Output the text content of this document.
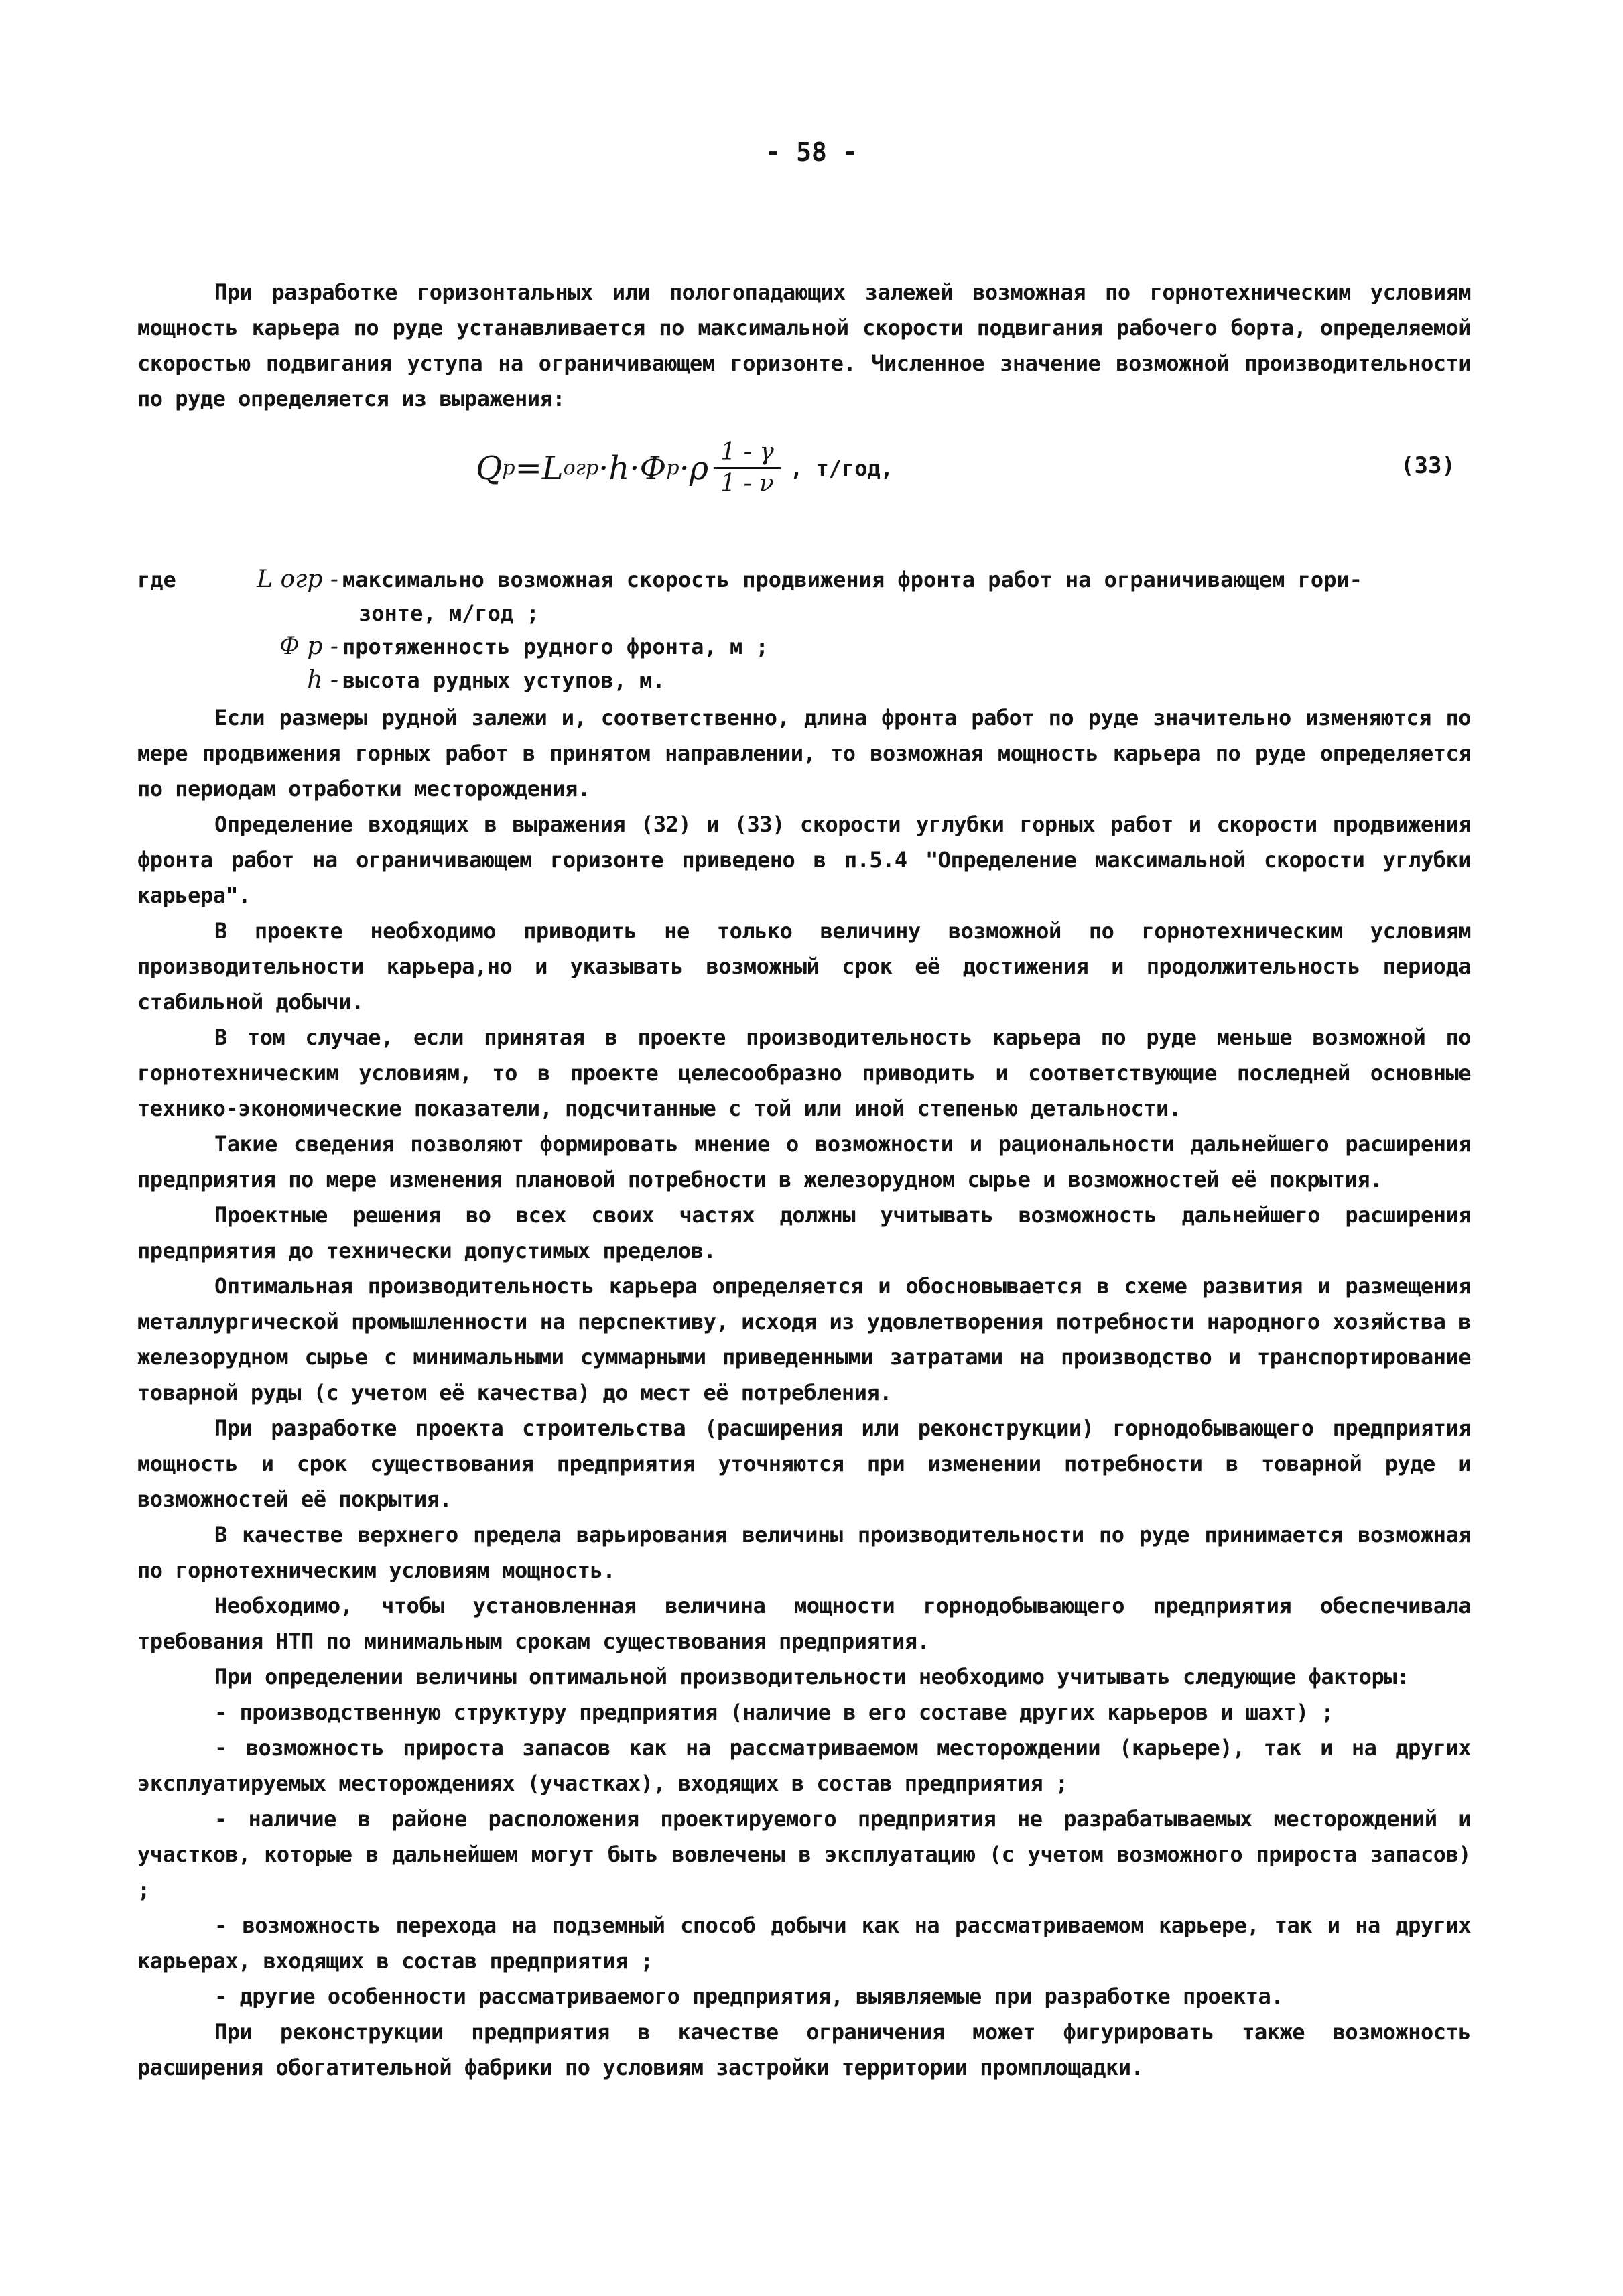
- 58 -

При разработке горизонтальных или пологопадающих залежей возможная по горнотехническим условиям мощность карьера по руде устанавливается по максимальной скорости подвигания рабочего борта, определяемой скоростью подвигания уступа на ограничивающем горизонте. Численное значение возможной производительности по руде определяется из выражения:

Q p =L огр ·h·Ф $р \cdot\rho \frac{1 - \gamma}{1 - \nu}$ , т/год,	(33)
где	L огр - максимально возможная скорость продвижения фронта работ на ограничивающем гори-
зонте, м/год ;
Ф р - протяженность рудного фронта, м ;
h - высота рудных уступов, м.

Если размеры рудной залежи и, соответственно, длина фронта работ по руде значительно изменяются по мере продвижения горных работ в принятом направлении, то возможная мощность карьера по руде определяется по периодам отработки месторождения.

Определение входящих в выражения (32) и (33) скорости углубки горных работ и скорости продвижения фронта работ на ограничивающем горизонте приведено в п.5.4 "Определение максимальной скорости углубки карьера".

В проекте необходимо приводить не только величину возможной по горнотехническим условиям производительности карьера,но и указывать возможный срок её достижения и продолжительность периода стабильной добычи.

В том случае, если принятая в проекте производительность карьера по руде меньше возможной по горнотехническим условиям, то в проекте целесообразно приводить и соответствующие последней основные технико-экономические показатели, подсчитанные с той или иной степенью детальности.

Такие сведения позволяют формировать мнение о возможности и рациональности дальнейшего расширения предприятия по мере изменения плановой потребности в железорудном сырье и возможностей её покрытия.

Проектные решения во всех своих частях должны учитывать возможность дальнейшего расширения предприятия до технически допустимых пределов.

Оптимальная производительность карьера определяется и обосновывается в схеме развития и размещения металлургической промышленности на перспективу, исходя из удовлетворения потребности народного хозяйства в железорудном сырье с минимальными суммарными приведенными затратами на производство и транспортирование товарной руды (с учетом её качества) до мест её потребления.

При разработке проекта строительства (расширения или реконструкции) горнодобывающего предприятия мощность и срок существования предприятия уточняются при изменении потребности в товарной руде и возможностей её покрытия.

В качестве верхнего предела варьирования величины производительности по руде принимается возможная по горнотехническим условиям мощность.

Необходимо, чтобы установленная величина мощности горнодобывающего предприятия обеспечивала требования НТП по минимальным срокам существования предприятия.

При определении величины оптимальной производительности необходимо учитывать следующие факторы:

- производственную структуру предприятия (наличие в его составе других карьеров и шахт) ;

- возможность прироста запасов как на рассматриваемом месторождении (карьере), так и на других эксплуатируемых месторождениях (участках), входящих в состав предприятия ;

- наличие в районе расположения проектируемого предприятия не разрабатываемых месторождений и участков, которые в дальнейшем могут быть вовлечены в эксплуатацию (с учетом возможного прироста запасов) ;

- возможность перехода на подземный способ добычи как на рассматриваемом карьере, так и на других карьерах, входящих в состав предприятия ;

- другие особенности рассматриваемого предприятия, выявляемые при разработке проекта.

При реконструкции предприятия в качестве ограничения может фигурировать также возможность расширения обогатительной фабрики по условиям застройки территории промплощадки.
